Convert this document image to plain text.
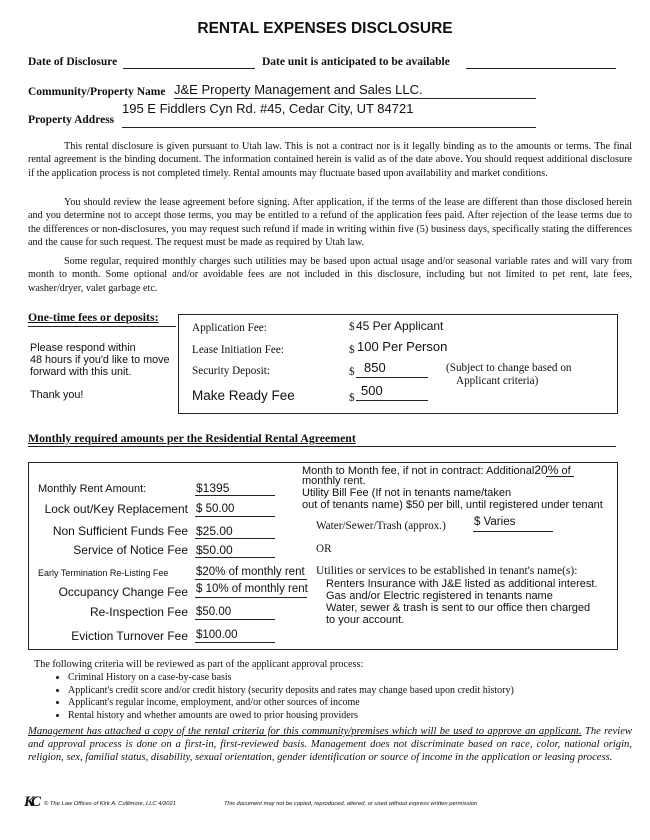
RENTAL EXPENSES DISCLOSURE
Date of Disclosure	Date unit is anticipated to be available
Community/Property Name J&E Property Management and Sales LLC.
195 E Fiddlers Cyn Rd. #45, Cedar City, UT 84721
Property Address
This rental disclosure is given pursuant to Utah law. This is not a contract nor is it legally binding as to the amounts or terms. The final rental agreement is the binding document. The information contained herein is valid as of the date above. You should request additional disclosure if the application process is not completed timely. Rental amounts may fluctuate based upon availability and market conditions.
You should review the lease agreement before signing. After application, if the terms of the lease are different than those disclosed herein and you determine not to accept those terms, you may be entitled to a refund of the application fees paid. After rejection of the lease terms due to the differences or non-disclosures, you may request such refund if made in writing within five (5) business days, specifically stating the differences and the cause for such request. The request must be made as required by Utah law.
Some regular, required monthly charges such utilities may be based upon actual usage and/or seasonal variable rates and will vary from month to month. Some optional and/or avoidable fees are not included in this disclosure, including but not limited to pet rent, late fees, washer/dryer, valet garbage etc.
One-time fees or deposits:
Please respond within
48 hours if you'd like to move
forward with this unit.
Thank you!
Application Fee:	$ 45 Per Applicant
Lease Initiation Fee:	$ 100 Per Person
Security Deposit:	$ 850	(Subject to change based on
Applicant criteria)
Make Ready Fee	$ 500
Monthly required amounts per the Residential Rental Agreement
Monthly Rent Amount:	$1395
Lock out/Key Replacement $ 50.00
Non Sufficient Funds Fee $25.00
Service of Notice Fee $50.00
Early Termination Re-Listing Fee $20% of monthly rent
Occupancy Change Fee $ 10% of monthly rent
Re-Inspection Fee $50.00
Eviction Turnover Fee $100.00
Month to Month fee, if not in contract: Additional20% of
monthly rent.
Utility Bill Fee (If not in tenants name/taken
out of tenants name) $50 per bill, until registered under tenant
Water/Sewer/Trash (approx.) $ Varies
OR
Utilities or services to be established in tenant's name(s):
Renters Insurance with J&E listed as additional interest.
Gas and/or Electric registered in tenants name
Water, sewer & trash is sent to our office then charged
to your account.
The following criteria will be reviewed as part of the applicant approval process:
• Criminal History on a case-by-case basis
• Applicant's credit score and/or credit history (security deposits and rates may change based upon credit history)
• Applicant's regular income, employment, and/or other sources of income
• Rental history and whether amounts are owed to prior housing providers
Management has attached a copy of the rental criteria for this community/premises which will be used to approve an applicant. The review and approval process is done on a first-in, first-reviewed basis. Management does not discriminate based on race, color, national origin, religion, sex, familial status, disability, sexual orientation, gender identification or source of income in the application or leasing process.
KC © The Law Offices of Kirk A. Cullimore, LLC 4/2021	This document may not be copied, reproduced, altered, or used without express written permission
